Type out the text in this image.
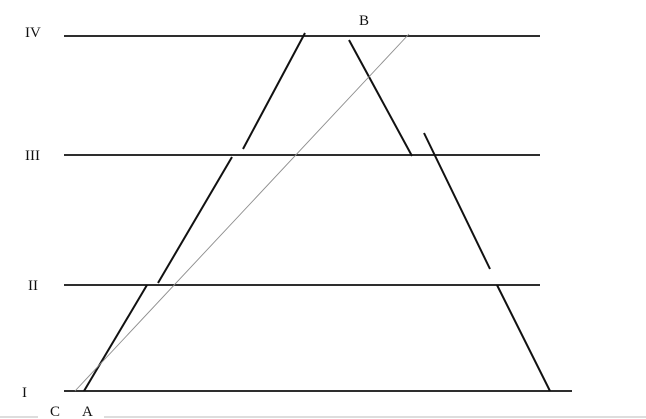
IV
III
II
I
B
C A
